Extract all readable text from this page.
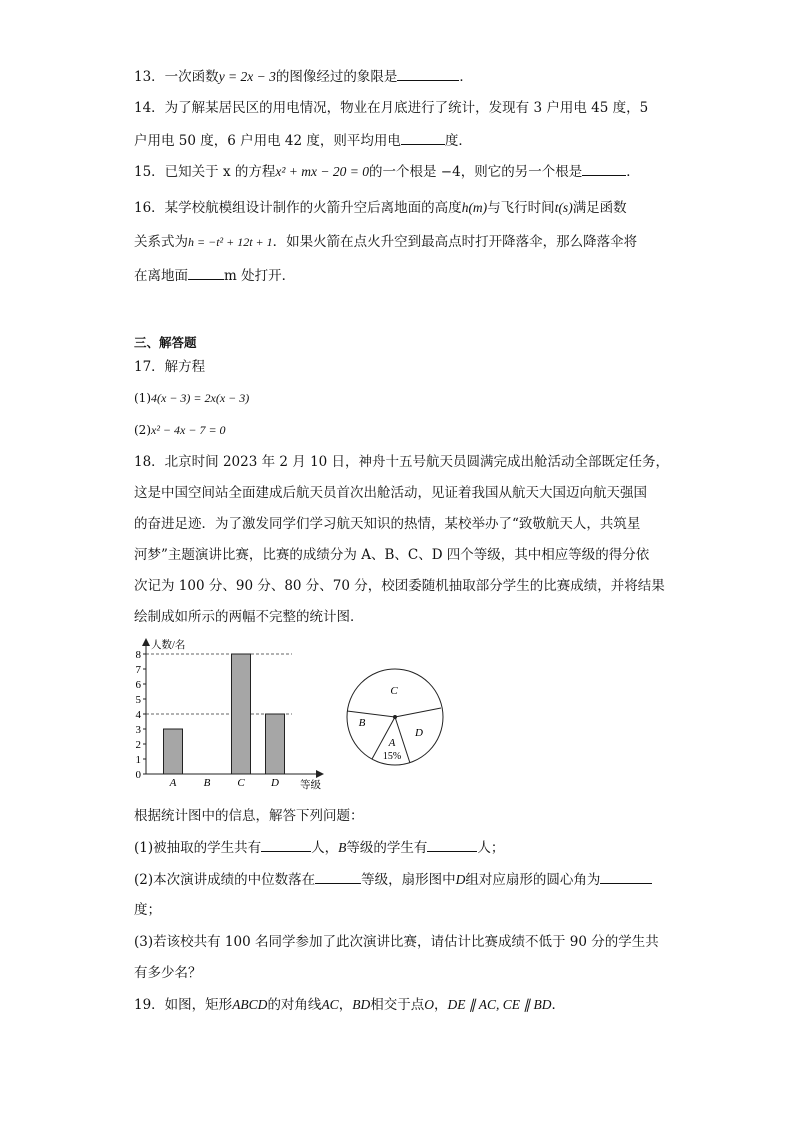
13．一次函数y = 2x − 3的图像经过的象限是	．
14．为了解某居民区的用电情况，物业在月底进行了统计，发现有 3 户用电 45 度，5
户用电 50 度，6 户用电 42 度，则平均用电	度．
15．已知关于 x 的方程x² + mx − 20 = 0的一个根是 −4，则它的另一个根是	．
16．某学校航模组设计制作的火箭升空后离地面的高度h(m)与飞行时间t(s)满足函数
关系式为h = −t² + 12t + 1．如果火箭在点火升空到最高点时打开降落伞，那么降落伞将
在离地面	m 处打开．
三、解答题
17．解方程
(1)4(x − 3) = 2x(x − 3)
(2)x² − 4x − 7 = 0
18．北京时间 2023 年 2 月 10 日，神舟十五号航天员圆满完成出舱活动全部既定任务，
这是中国空间站全面建成后航天员首次出舱活动，见证着我国从航天大国迈向航天强国
的奋进足迹．为了激发同学们学习航天知识的热情，某校举办了“致敬航天人，共筑星
河梦”主题演讲比赛，比赛的成绩分为 A、B、C、D 四个等级，其中相应等级的得分依
次记为 100 分、90 分、80 分、70 分，校团委随机抽取部分学生的比赛成绩，并将结果
绘制成如所示的两幅不完整的统计图．
人数/名
等级
0
1
2
3
4
5
6
7
8
A B C D
C
B
A
15%
D
根据统计图中的信息，解答下列问题：
(1)被抽取的学生共有	人，B等级的学生有	人；
(2)本次演讲成绩的中位数落在	等级，扇形图中D组对应扇形的圆心角为
度；
(3)若该校共有 100 名同学参加了此次演讲比赛，请估计比赛成绩不低于 90 分的学生共
有多少名？
19．如图，矩形ABCD的对角线AC，BD相交于点O，DE ∥ AC, CE ∥ BD．
